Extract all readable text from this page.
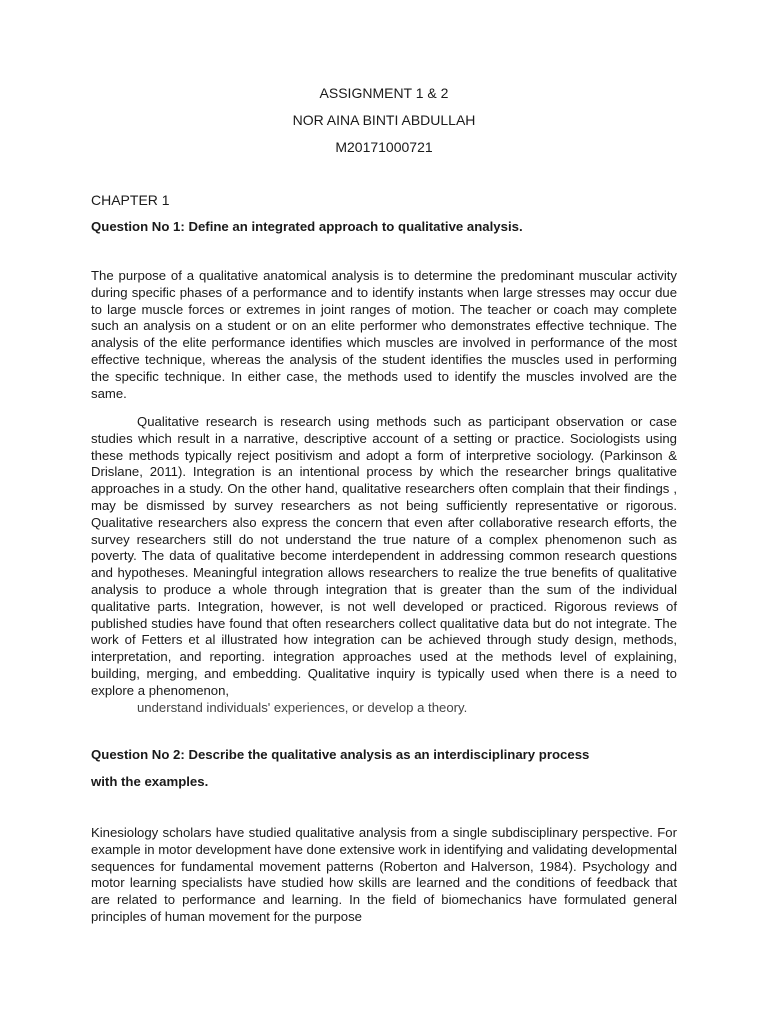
ASSIGNMENT 1 & 2
NOR AINA BINTI ABDULLAH
M20171000721
CHAPTER 1
Question No 1: Define an integrated approach to qualitative analysis.
The purpose of a qualitative anatomical analysis is to determine the predominant muscular activity during specific phases of a performance and to identify instants when large stresses may occur due to large muscle forces or extremes in joint ranges of motion. The teacher or coach may complete such an analysis on a student or on an elite performer who demonstrates effective technique. The analysis of the elite performance identifies which muscles are involved in performance of the most effective technique, whereas the analysis of the student identifies the muscles used in performing the specific technique. In either case, the methods used to identify the muscles involved are the same.
Qualitative research is research using methods such as participant observation or case studies which result in a narrative, descriptive account of a setting or practice. Sociologists using these methods typically reject positivism and adopt a form of interpretive sociology. (Parkinson & Drislane, 2011). Integration is an intentional process by which the researcher brings qualitative approaches in a study. On the other hand, qualitative researchers often complain that their findings , may be dismissed by survey researchers as not being sufficiently representative or rigorous. Qualitative researchers also express the concern that even after collaborative research efforts, the survey researchers still do not understand the true nature of a complex phenomenon such as poverty. The data of qualitative become interdependent in addressing common research questions and hypotheses. Meaningful integration allows researchers to realize the true benefits of qualitative analysis to produce a whole through integration that is greater than the sum of the individual qualitative parts. Integration, however, is not well developed or practiced. Rigorous reviews of published studies have found that often researchers collect qualitative data but do not integrate. The work of Fetters et al illustrated how integration can be achieved through study design, methods, interpretation, and reporting. integration approaches used at the methods level of explaining, building, merging, and embedding. Qualitative inquiry is typically used when there is a need to explore a phenomenon,
understand individuals' experiences, or develop a theory.
Question No 2: Describe the qualitative analysis as an interdisciplinary process
with the examples.
Kinesiology scholars have studied qualitative analysis from a single subdisciplinary perspective. For example in motor development have done extensive work in identifying and validating developmental sequences for fundamental movement patterns (Roberton and Halverson, 1984). Psychology and motor learning specialists have studied how skills are learned and the conditions of feedback that are related to performance and learning. In the field of biomechanics have formulated general principles of human movement for the purpose
